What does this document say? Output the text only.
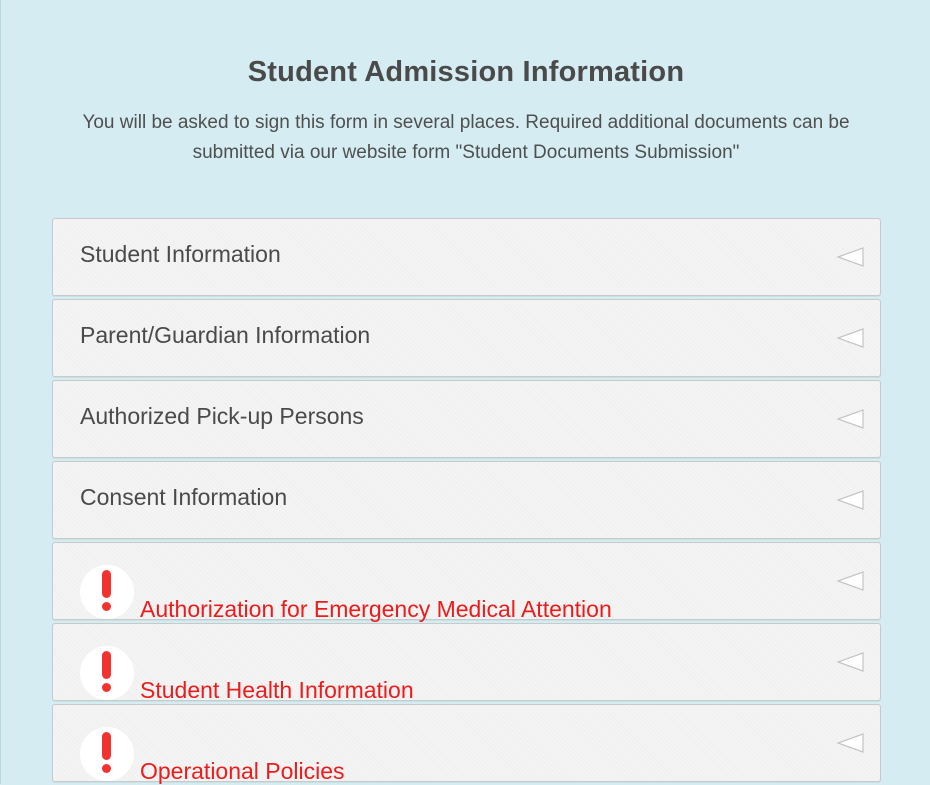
Student Admission Information

You will be asked to sign this form in several places. Required additional documents can be submitted via our website form "Student Documents Submission"

Student Information
Parent/Guardian Information
Authorized Pick-up Persons
Consent Information
Authorization for Emergency Medical Attention
Student Health Information
Operational Policies
